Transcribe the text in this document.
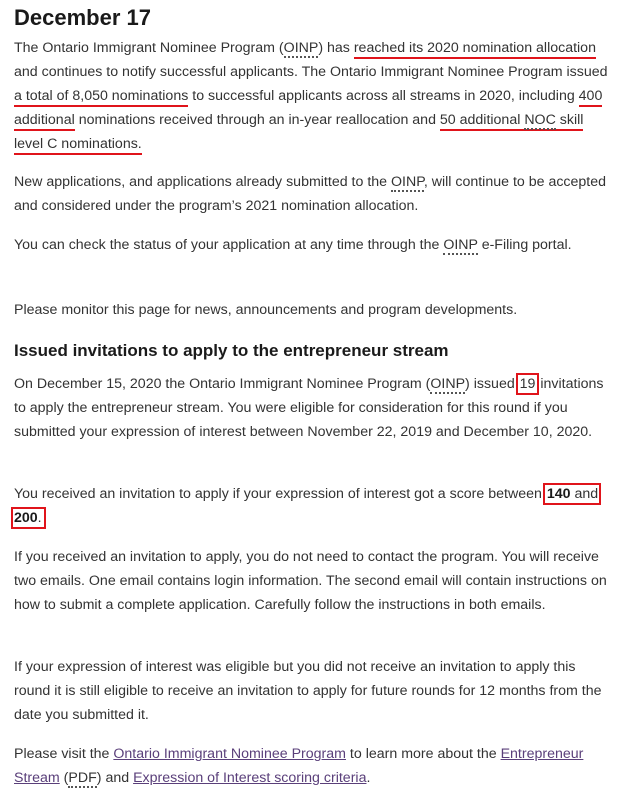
December 17

The Ontario Immigrant Nominee Program (OINP) has reached its 2020 nomination allocation and continues to notify successful applicants. The Ontario Immigrant Nominee Program issued a total of 8,050 nominations to successful applicants across all streams in 2020, including 400 additional nominations received through an in-year reallocation and 50 additional NOC skill level C nominations.

New applications, and applications already submitted to the OINP, will continue to be accepted and considered under the program’s 2021 nomination allocation.

You can check the status of your application at any time through the OINP e-Filing portal.

Please monitor this page for news, announcements and program developments.

Issued invitations to apply to the entrepreneur stream

On December 15, 2020 the Ontario Immigrant Nominee Program (OINP) issued 19 invitations to apply the entrepreneur stream. You were eligible for consideration for this round if you submitted your expression of interest between November 22, 2019 and December 10, 2020.

You received an invitation to apply if your expression of interest got a score between 140 and 200.

If you received an invitation to apply, you do not need to contact the program. You will receive two emails. One email contains login information. The second email will contain instructions on how to submit a complete application. Carefully follow the instructions in both emails.

If your expression of interest was eligible but you did not receive an invitation to apply this round it is still eligible to receive an invitation to apply for future rounds for 12 months from the date you submitted it.

Please visit the Ontario Immigrant Nominee Program to learn more about the Entrepreneur Stream (PDF) and Expression of Interest scoring criteria.
